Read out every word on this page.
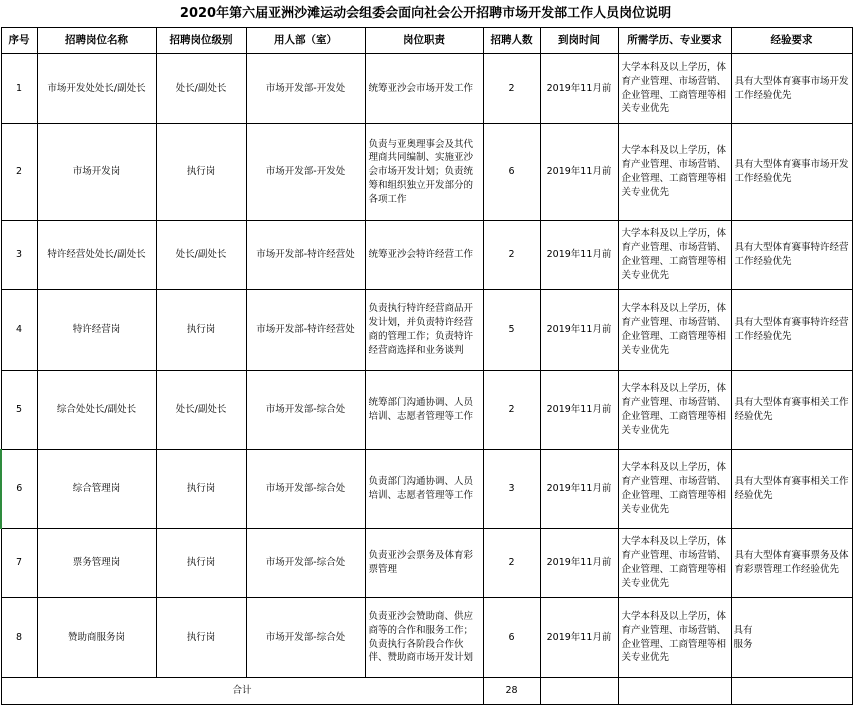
2020年第六届亚洲沙滩运动会组委会面向社会公开招聘市场开发部工作人员岗位说明
序号	招聘岗位名称	招聘岗位级别	用人部（室）	岗位职责	招聘人数	到岗时间	所需学历、专业要求	经验要求
1	市场开发处处长/副处长	处长/副处长	市场开发部-开发处	统筹亚沙会市场开发工作	2	2019年11月前	大学本科及以上学历，体育产业管理、市场营销、企业管理、工商管理等相关专业优先	具有大型体育赛事市场开发工作经验优先
2	市场开发岗	执行岗	市场开发部-开发处	负责与亚奥理事会及其代理商共同编制、实施亚沙会市场开发计划；负责统筹和组织独立开发部分的各项工作	6	2019年11月前	大学本科及以上学历，体育产业管理、市场营销、企业管理、工商管理等相关专业优先	具有大型体育赛事市场开发工作经验优先
3	特许经营处处长/副处长	处长/副处长	市场开发部-特许经营处	统筹亚沙会特许经营工作	2	2019年11月前	大学本科及以上学历，体育产业管理、市场营销、企业管理、工商管理等相关专业优先	具有大型体育赛事特许经营工作经验优先
4	特许经营岗	执行岗	市场开发部-特许经营处	负责执行特许经营商品开发计划，并负责特许经营商的管理工作；负责特许经营商选择和业务谈判	5	2019年11月前	大学本科及以上学历，体育产业管理、市场营销、企业管理、工商管理等相关专业优先	具有大型体育赛事特许经营工作经验优先
5	综合处处长/副处长	处长/副处长	市场开发部-综合处	统筹部门沟通协调、人员培训、志愿者管理等工作	2	2019年11月前	大学本科及以上学历，体育产业管理、市场营销、企业管理、工商管理等相关专业优先	具有大型体育赛事相关工作经验优先
6	综合管理岗	执行岗	市场开发部-综合处	负责部门沟通协调、人员培训、志愿者管理等工作	3	2019年11月前	大学本科及以上学历，体育产业管理、市场营销、企业管理、工商管理等相关专业优先	具有大型体育赛事相关工作经验优先
7	票务管理岗	执行岗	市场开发部-综合处	负责亚沙会票务及体育彩票管理	2	2019年11月前	大学本科及以上学历，体育产业管理、市场营销、企业管理、工商管理等相关专业优先	具有大型体育赛事票务及体育彩票管理工作经验优先
8	赞助商服务岗	执行岗	市场开发部-综合处	负责亚沙会赞助商、供应商等的合作和服务工作；负责执行各阶段合作伙伴、赞助商市场开发计划	6	2019年11月前	大学本科及以上学历，体育产业管理、市场营销、企业管理、工商管理等相关专业优先	具有
服务

合计					28			
